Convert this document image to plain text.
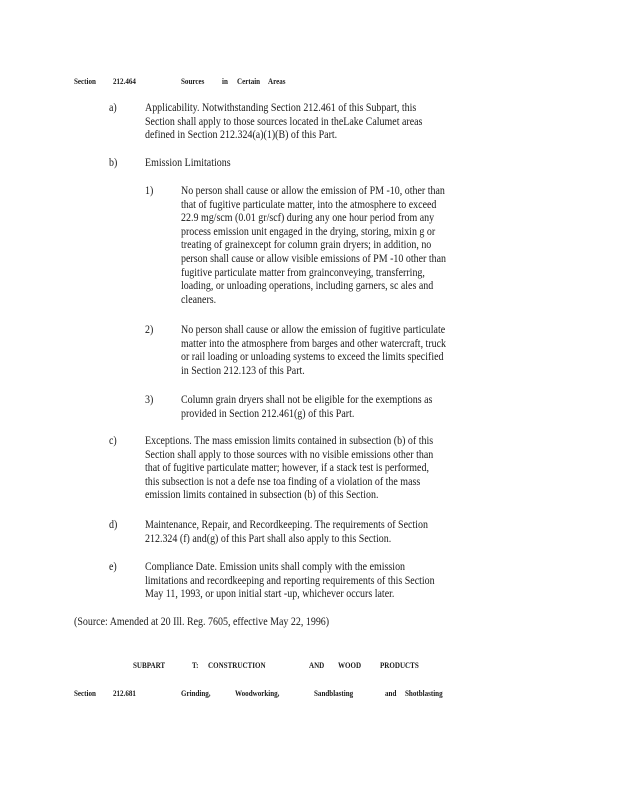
Section 212.464	Sources in Certain Areas
a) Applicability. Notwithstanding Section 212.461 of this Subpart, this
Section shall apply to those sources located in theLake Calumet areas
defined in Section 212.324(a)(1)(B) of this Part.
b) Emission Limitations
1) No person shall cause or allow the emission of PM -10, other than
that of fugitive particulate matter, into the atmosphere to exceed
22.9 mg/scm (0.01 gr/scf) during any one hour period from any
process emission unit engaged in the drying, storing, mixin g or
treating of grainexcept for column grain dryers; in addition, no
person shall cause or allow visible emissions of PM -10 other than
fugitive particulate matter from grainconveying, transferring,
loading, or unloading operations, including garners, sc ales and
cleaners.
2) No person shall cause or allow the emission of fugitive particulate
matter into the atmosphere from barges and other watercraft, truck
or rail loading or unloading systems to exceed the limits specified
in Section 212.123 of this Part.
3) Column grain dryers shall not be eligible for the exemptions as
provided in Section 212.461(g) of this Part.
c) Exceptions. The mass emission limits contained in subsection (b) of this
Section shall apply to those sources with no visible emissions other than
that of fugitive particulate matter; however, if a stack test is performed,
this subsection is not a defe nse toa finding of a violation of the mass
emission limits contained in subsection (b) of this Section.
d) Maintenance, Repair, and Recordkeeping. The requirements of Section
212.324 (f) and(g) of this Part shall also apply to this Section.
e) Compliance Date. Emission units shall comply with the emission
limitations and recordkeeping and reporting requirements of this Section
May 11, 1993, or upon initial start -up, whichever occurs later.
(Source: Amended at 20 Ill. Reg. 7605, effective May 22, 1996)
SUBPART	T: CONSTRUCTION	AND WOOD PRODUCTS
Section 212.681	Grinding,	Woodworking,	Sandblasting	and Shotblasting
